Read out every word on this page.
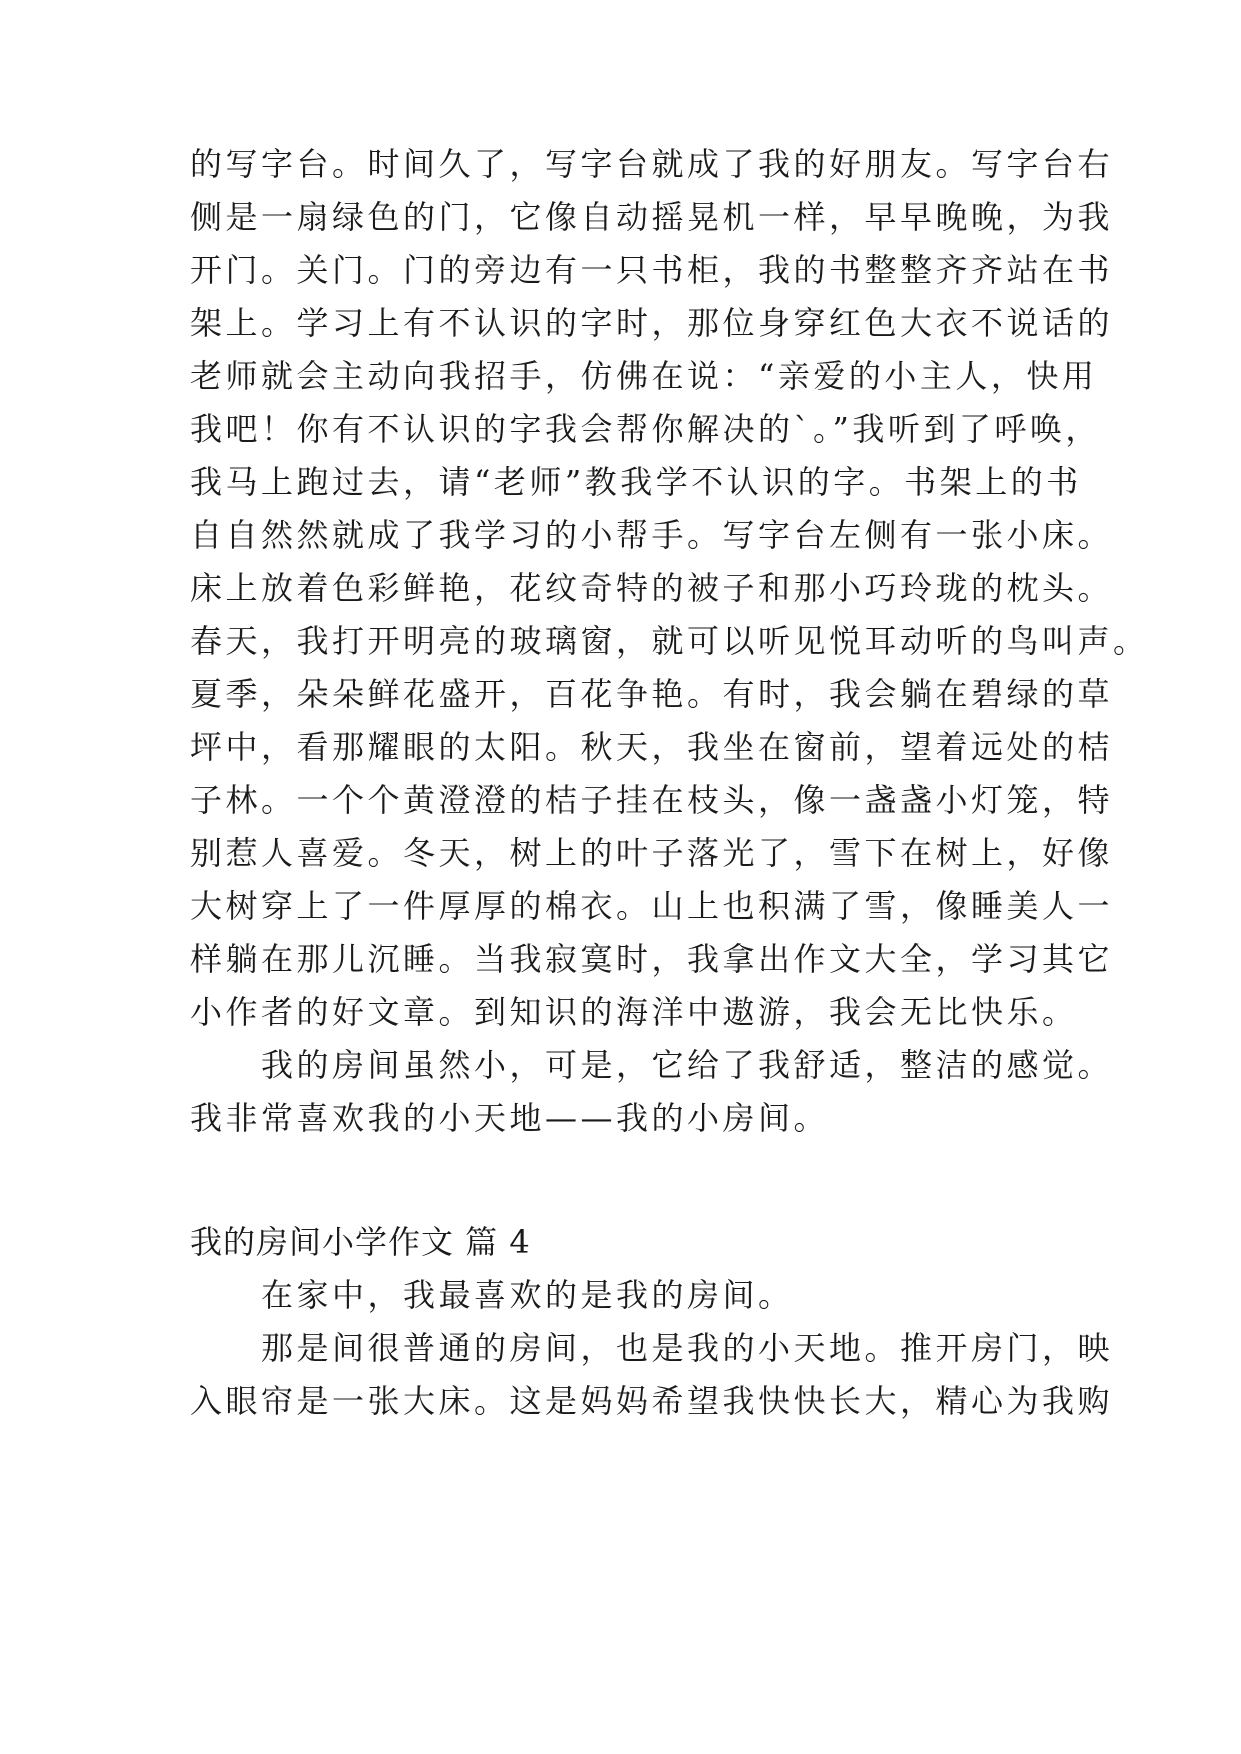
的写字台。时间久了，写字台就成了我的好朋友。写字台右
侧是一扇绿色的门，它像自动摇晃机一样，早早晚晚，为我
开门。关门。门的旁边有一只书柜，我的书整整齐齐站在书
架上。学习上有不认识的字时，那位身穿红色大衣不说话的
老师就会主动向我招手，仿佛在说：“亲爱的小主人，快用
我吧！你有不认识的字我会帮你解决的`。”我听到了呼唤，
我马上跑过去，请“老师”教我学不认识的字。书架上的书
自自然然就成了我学习的小帮手。写字台左侧有一张小床。
床上放着色彩鲜艳，花纹奇特的被子和那小巧玲珑的枕头。
春天，我打开明亮的玻璃窗，就可以听见悦耳动听的鸟叫声。
夏季，朵朵鲜花盛开，百花争艳。有时，我会躺在碧绿的草
坪中，看那耀眼的太阳。秋天，我坐在窗前，望着远处的桔
子林。一个个黄澄澄的桔子挂在枝头，像一盏盏小灯笼，特
别惹人喜爱。冬天，树上的叶子落光了，雪下在树上，好像
大树穿上了一件厚厚的棉衣。山上也积满了雪，像睡美人一
样躺在那儿沉睡。当我寂寞时，我拿出作文大全，学习其它
小作者的好文章。到知识的海洋中遨游，我会无比快乐。
　　我的房间虽然小，可是，它给了我舒适，整洁的感觉。
我非常喜欢我的小天地——我的小房间。
我的房间小学作文 篇 4
　　在家中，我最喜欢的是我的房间。
　　那是间很普通的房间，也是我的小天地。推开房门，映
入眼帘是一张大床。这是妈妈希望我快快长大，精心为我购
